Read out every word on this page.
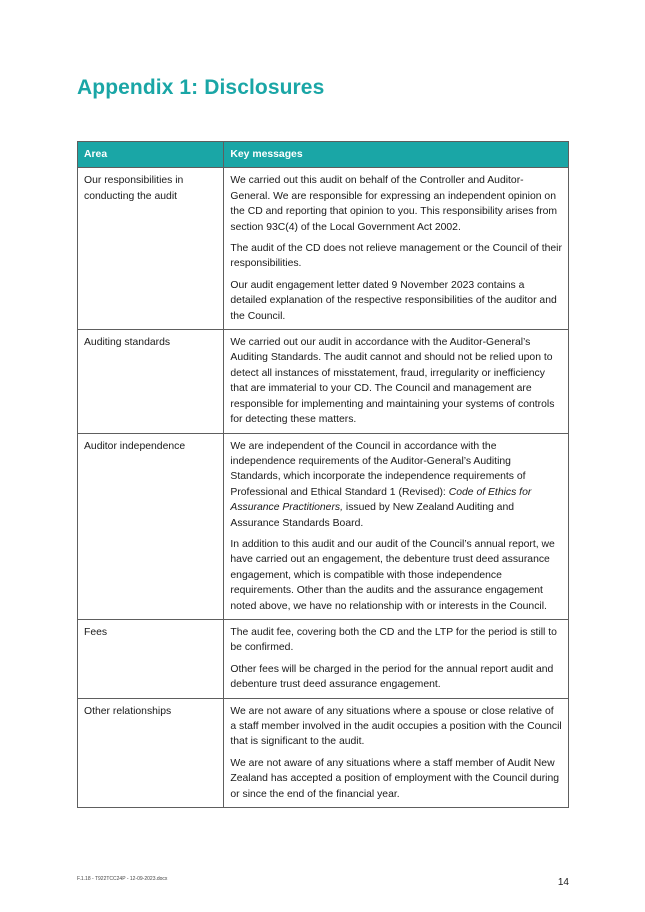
Appendix 1: Disclosures
Area	Key messages
Our responsibilities in conducting the audit	We carried out this audit on behalf of the Controller and Auditor-General. We are responsible for expressing an independent opinion on the CD and reporting that opinion to you. This responsibility arises from section 93C(4) of the Local Government Act 2002.

The audit of the CD does not relieve management or the Council of their responsibilities.

Our audit engagement letter dated 9 November 2023 contains a detailed explanation of the respective responsibilities of the auditor and the Council.

Auditing standards	We carried out our audit in accordance with the Auditor-General’s Auditing Standards. The audit cannot and should not be relied upon to detect all instances of misstatement, fraud, irregularity or inefficiency that are immaterial to your CD. The Council and management are responsible for implementing and maintaining your systems of controls for detecting these matters.

Auditor independence	We are independent of the Council in accordance with the independence requirements of the Auditor-General’s Auditing Standards, which incorporate the independence requirements of Professional and Ethical Standard 1 (Revised): Code of Ethics for Assurance Practitioners, issued by New Zealand Auditing and Assurance Standards Board.

In addition to this audit and our audit of the Council’s annual report, we have carried out an engagement, the debenture trust deed assurance engagement, which is compatible with those independence requirements. Other than the audits and the assurance engagement noted above, we have no relationship with or interests in the Council.

Fees	The audit fee, covering both the CD and the LTP for the period is still to be confirmed.

Other fees will be charged in the period for the annual report audit and debenture trust deed assurance engagement.

Other relationships	We are not aware of any situations where a spouse or close relative of a staff member involved in the audit occupies a position with the Council that is significant to the audit.

We are not aware of any situations where a staff member of Audit New Zealand has accepted a position of employment with the Council during or since the end of the financial year.

F.1.18 - T922TCC24P - 12-09-2023.docx	14
